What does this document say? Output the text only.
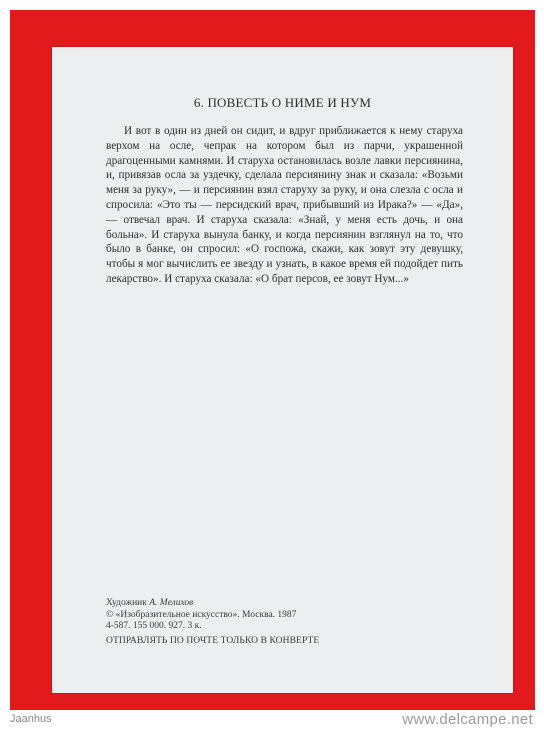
6. ПОВЕСТЬ О НИМЕ И НУМ

И вот в один из дней он сидит, и вдруг приближается к нему старуха верхом на осле, чепрак на котором был из парчи, украшенной драгоценными камнями. И старуха остановилась возле лавки персиянина, и, привязав осла за уздечку, сделала персиянину знак и сказала: «Возьми меня за руку», — и персиянин взял старуху за руку, и она слезла с осла и спросила: «Это ты — персидский врач, прибывший из Ирака?» — «Да», — отвечал врач. И старуха сказала: «Знай, у меня есть дочь, и она больна». И старуха вынула банку, и когда персиянин взглянул на то, что было в банке, он спросил: «О госпожа, скажи, как зовут эту девушку, чтобы я мог вычислить ее звезду и узнать, в какое время ей подойдет пить лекарство». И старуха сказала: «О брат персов, ее зовут Нум...»

Художник А. Мелихов
© «Изобразительное искусство». Москва. 1987
4-587. 155 000. 927. 3 к.
ОТПРАВЛЯТЬ ПО ПОЧТЕ ТОЛЬКО В КОНВЕРТЕ
Jaanhus	www.delcampe.net
